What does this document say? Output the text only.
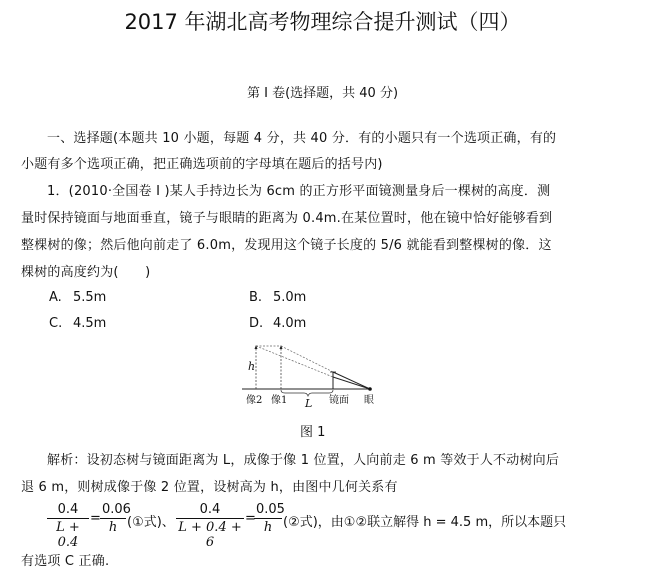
2017 年湖北高考物理综合提升测试（四）
第 I 卷(选择题，共 40 分)
一、选择题(本题共 10 小题，每题 4 分，共 40 分．有的小题只有一个选项正确，有的
小题有多个选项正确，把正确选项前的字母填在题后的括号内)
1．(2010·全国卷 I )某人手持边长为 6cm 的正方形平面镜测量身后一棵树的高度．测
量时保持镜面与地面垂直，镜子与眼睛的距离为 0.4m.在某位置时，他在镜中恰好能够看到
整棵树的像；然后他向前走了 6.0m，发现用这个镜子长度的 5/6 就能看到整棵树的像．这
棵树的高度约为(　　)
A. 5.5m	B. 5.0m
C. 4.5m	D. 4.0m
h
像2 像1 L 镜面 眼
图 1
解析：设初态树与镜面距离为 L，成像于像 1 位置，人向前走 6 m 等效于人不动树向后
退 6 m，则树成像于像 2 位置，设树高为 h，由图中几何关系有
0.4
L + 0.4
=
0.06
h (①式)、
0.4
L + 0.4 + 6
=
0.05
h (②式)，由①②联立解得 h = 4.5 m，所以本题只
有选项 C 正确.
